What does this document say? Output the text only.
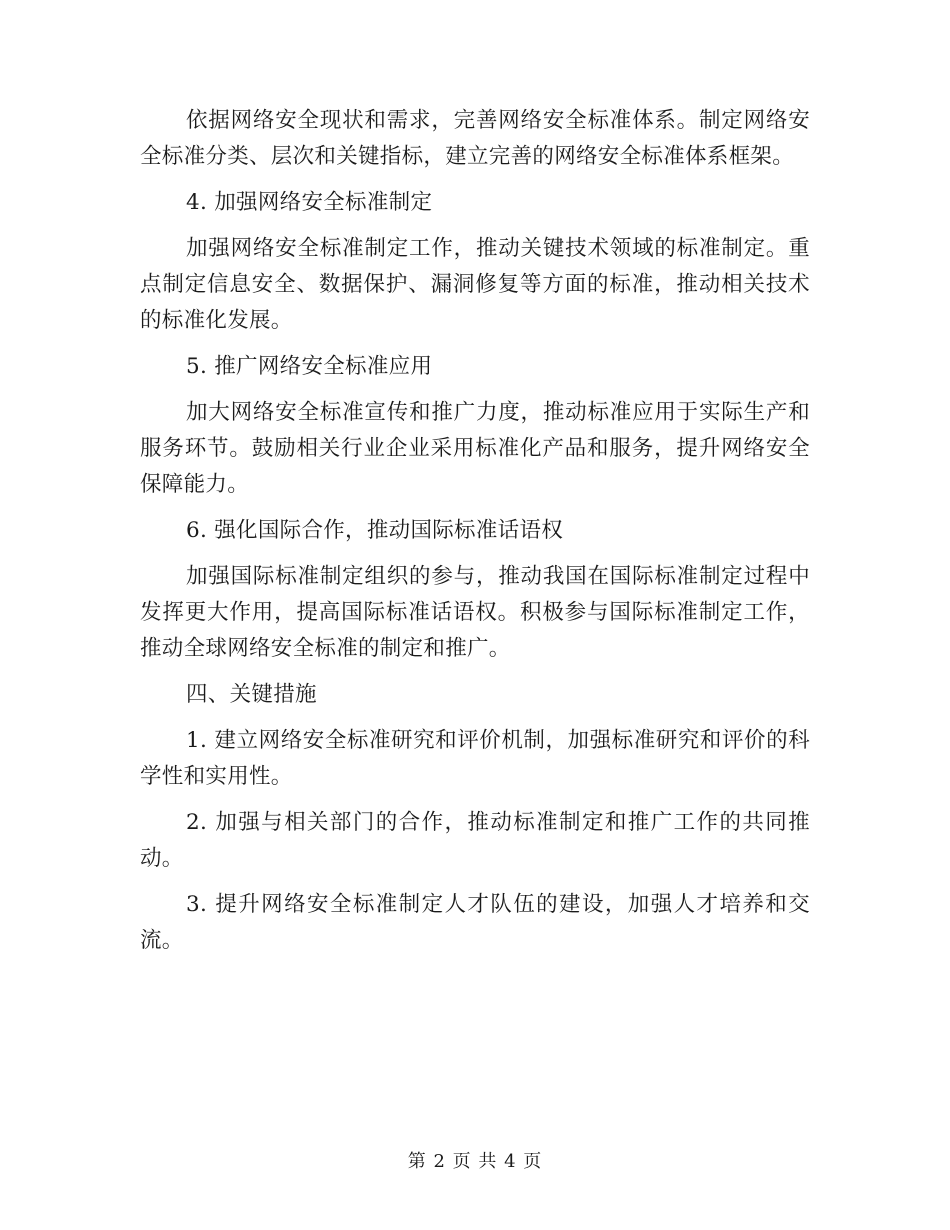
依据网络安全现状和需求，完善网络安全标准体系。制定网络安全标准分类、层次和关键指标，建立完善的网络安全标准体系框架。

4. 加强网络安全标准制定

加强网络安全标准制定工作，推动关键技术领域的标准制定。重点制定信息安全、数据保护、漏洞修复等方面的标准，推动相关技术的标准化发展。

5. 推广网络安全标准应用

加大网络安全标准宣传和推广力度，推动标准应用于实际生产和服务环节。鼓励相关行业企业采用标准化产品和服务，提升网络安全保障能力。

6. 强化国际合作，推动国际标准话语权

加强国际标准制定组织的参与，推动我国在国际标准制定过程中发挥更大作用，提高国际标准话语权。积极参与国际标准制定工作，推动全球网络安全标准的制定和推广。

四、关键措施

1. 建立网络安全标准研究和评价机制，加强标准研究和评价的科学性和实用性。

2. 加强与相关部门的合作，推动标准制定和推广工作的共同推动。

3. 提升网络安全标准制定人才队伍的建设，加强人才培养和交流。

第 2 页 共 4 页
